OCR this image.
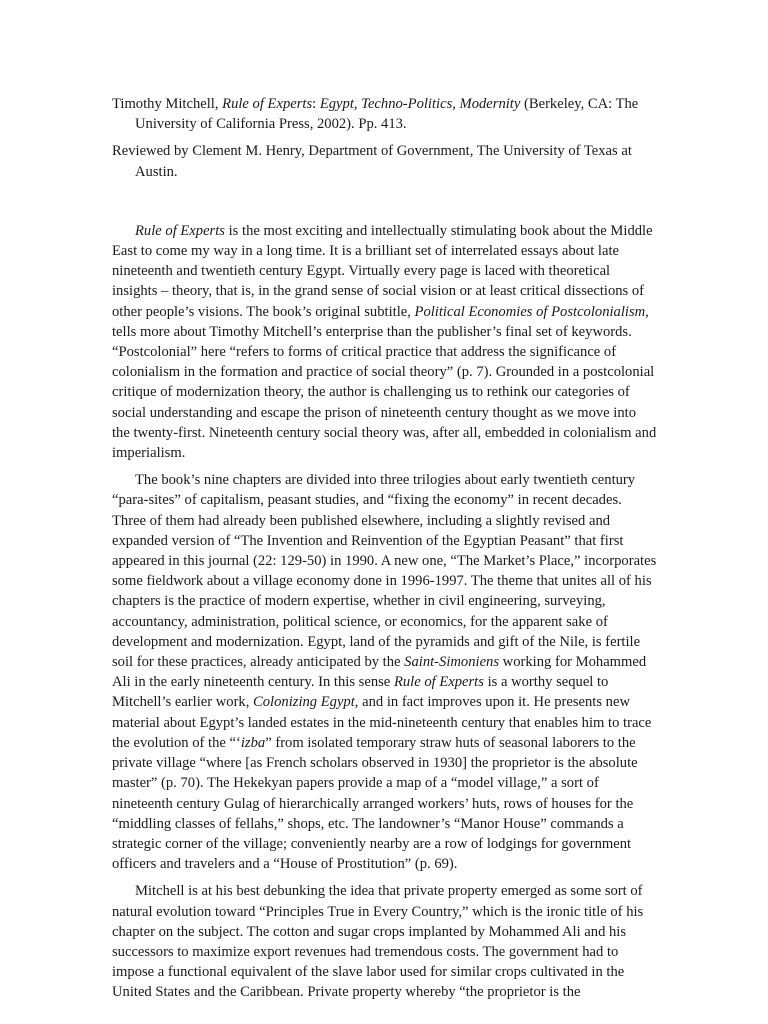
Timothy Mitchell, Rule of Experts: Egypt, Techno-Politics, Modernity (Berkeley, CA: The University of California Press, 2002). Pp. 413.

Reviewed by Clement M. Henry, Department of Government, The University of Texas at Austin.

Rule of Experts is the most exciting and intellectually stimulating book about the Middle East to come my way in a long time. It is a brilliant set of interrelated essays about late nineteenth and twentieth century Egypt. Virtually every page is laced with theoretical insights – theory, that is, in the grand sense of social vision or at least critical dissections of other people’s visions. The book’s original subtitle, Political Economies of Postcolonialism, tells more about Timothy Mitchell’s enterprise than the publisher’s final set of keywords. “Postcolonial” here “refers to forms of critical practice that address the significance of colonialism in the formation and practice of social theory” (p. 7). Grounded in a postcolonial critique of modernization theory, the author is challenging us to rethink our categories of social understanding and escape the prison of nineteenth century thought as we move into the twenty-first. Nineteenth century social theory was, after all, embedded in colonialism and imperialism.

The book’s nine chapters are divided into three trilogies about early twentieth century “para-sites” of capitalism, peasant studies, and “fixing the economy” in recent decades. Three of them had already been published elsewhere, including a slightly revised and expanded version of “The Invention and Reinvention of the Egyptian Peasant” that first appeared in this journal (22: 129-50) in 1990. A new one, “The Market’s Place,” incorporates some fieldwork about a village economy done in 1996-1997. The theme that unites all of his chapters is the practice of modern expertise, whether in civil engineering, surveying, accountancy, administration, political science, or economics, for the apparent sake of development and modernization. Egypt, land of the pyramids and gift of the Nile, is fertile soil for these practices, already anticipated by the Saint-Simoniens working for Mohammed Ali in the early nineteenth century. In this sense Rule of Experts is a worthy sequel to Mitchell’s earlier work, Colonizing Egypt, and in fact improves upon it. He presents new material about Egypt’s landed estates in the mid-nineteenth century that enables him to trace the evolution of the “‘izba” from isolated temporary straw huts of seasonal laborers to the private village “where [as French scholars observed in 1930] the proprietor is the absolute master” (p. 70). The Hekekyan papers provide a map of a “model village,” a sort of nineteenth century Gulag of hierarchically arranged workers’ huts, rows of houses for the “middling classes of fellahs,” shops, etc. The landowner’s “Manor House” commands a strategic corner of the village; conveniently nearby are a row of lodgings for government officers and travelers and a “House of Prostitution” (p. 69).

Mitchell is at his best debunking the idea that private property emerged as some sort of natural evolution toward “Principles True in Every Country,” which is the ironic title of his chapter on the subject. The cotton and sugar crops implanted by Mohammed Ali and his successors to maximize export revenues had tremendous costs. The government had to impose a functional equivalent of the slave labor used for similar crops cultivated in the United States and the Caribbean. Private property whereby “the proprietor is the
